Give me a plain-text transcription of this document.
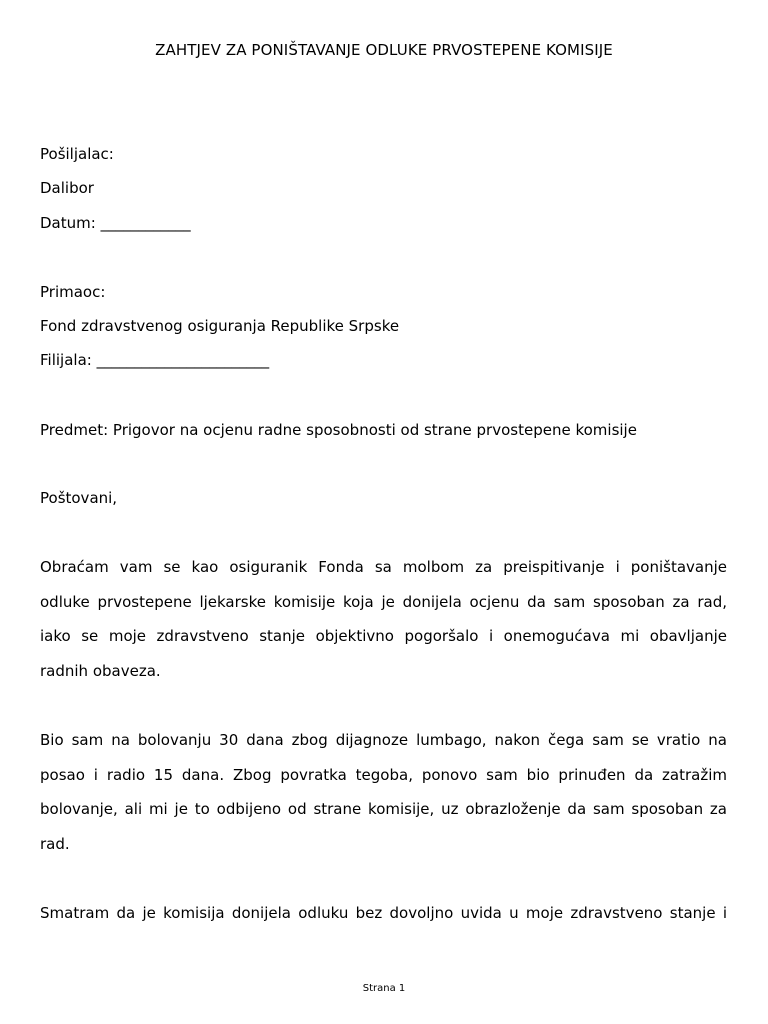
ZAHTJEV ZA PONIŠTAVANJE ODLUKE PRVOSTEPENE KOMISIJE
Pošiljalac:
Dalibor
Datum: ____________
Primaoc:
Fond zdravstvenog osiguranja Republike Srpske
Filijala: _______________________
Predmet: Prigovor na ocjenu radne sposobnosti od strane prvostepene komisije
Poštovani,
Obraćam vam se kao osiguranik Fonda sa molbom za preispitivanje i poništavanje
odluke prvostepene ljekarske komisije koja je donijela ocjenu da sam sposoban za rad,
iako se moje zdravstveno stanje objektivno pogoršalo i onemogućava mi obavljanje
radnih obaveza.
Bio sam na bolovanju 30 dana zbog dijagnoze lumbago, nakon čega sam se vratio na
posao i radio 15 dana. Zbog povratka tegoba, ponovo sam bio prinuđen da zatražim
bolovanje, ali mi je to odbijeno od strane komisije, uz obrazloženje da sam sposoban za
rad.
Smatram da je komisija donijela odluku bez dovoljno uvida u moje zdravstveno stanje i
Strana 1
